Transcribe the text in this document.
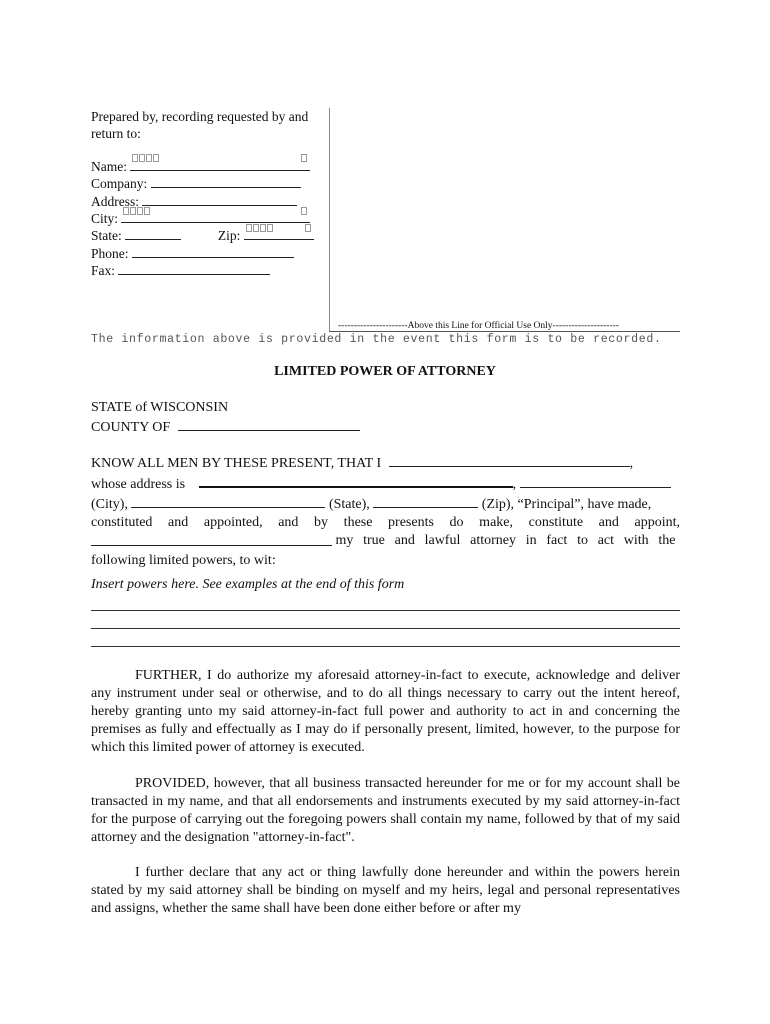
Prepared by, recording requested by and return to:
Name:
Company:
Address:
City:
State:	Zip:
Phone:
Fax:
----------------------Above this Line for Official Use Only---------------------
The information above is provided in the event this form is to be recorded.
LIMITED POWER OF ATTORNEY
STATE of WISCONSIN
COUNTY OF
KNOW ALL MEN BY THESE PRESENT, THAT I	,
whose address is	,
(City),	(State),	(Zip), “Principal”, have made,
constituted and appointed, and by these presents do make, constitute and appoint,
my true and lawful attorney in fact to act with the
following limited powers, to wit:
Insert powers here. See examples at the end of this form
FURTHER, I do authorize my aforesaid attorney-in-fact to execute, acknowledge and deliver any instrument under seal or otherwise, and to do all things necessary to carry out the intent hereof, hereby granting unto my said attorney-in-fact full power and authority to act in and concerning the premises as fully and effectually as I may do if personally present, limited, however, to the purpose for which this limited power of attorney is executed.
PROVIDED, however, that all business transacted hereunder for me or for my account shall be transacted in my name, and that all endorsements and instruments executed by my said attorney-in-fact for the purpose of carrying out the foregoing powers shall contain my name, followed by that of my said attorney and the designation "attorney-in-fact".
I further declare that any act or thing lawfully done hereunder and within the powers herein stated by my said attorney shall be binding on myself and my heirs, legal and personal representatives and assigns, whether the same shall have been done either before or after my
